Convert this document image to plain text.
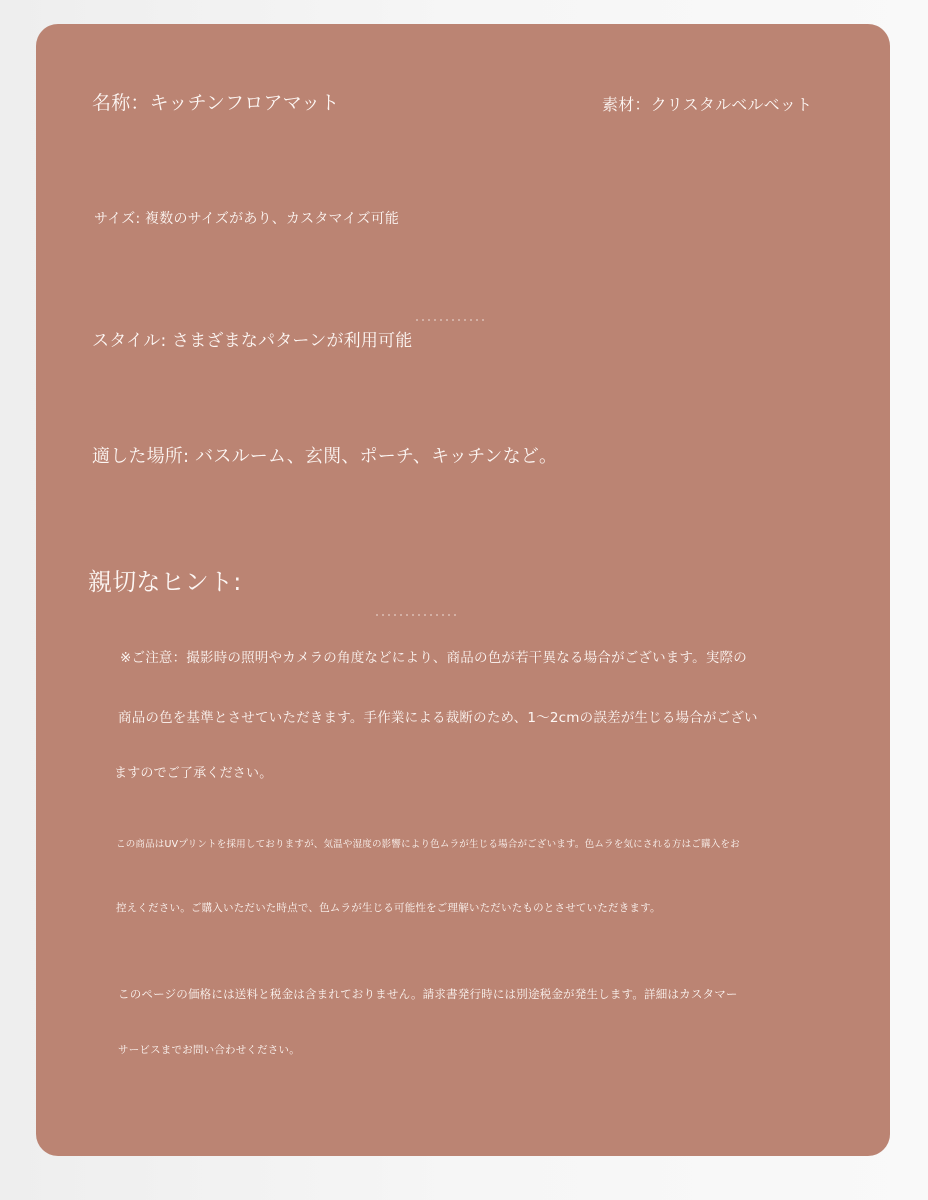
名称：キッチンフロアマット	素材：クリスタルベルベット
サイズ: 複数のサイズがあり、カスタマイズ可能
スタイル: さまざまなパターンが利用可能
適した場所: バスルーム、玄関、ポーチ、キッチンなど。
親切なヒント:
※ご注意：撮影時の照明やカメラの角度などにより、商品の色が若干異なる場合がございます。実際の
商品の色を基準とさせていただきます。手作業による裁断のため、1～2cmの誤差が生じる場合がござい
ますのでご了承ください。
この商品はUVプリントを採用しておりますが、気温や湿度の影響により色ムラが生じる場合がございます。色ムラを気にされる方はご購入をお
控えください。ご購入いただいた時点で、色ムラが生じる可能性をご理解いただいたものとさせていただきます。
このページの価格には送料と税金は含まれておりません。請求書発行時には別途税金が発生します。詳細はカスタマー
サービスまでお問い合わせください。
